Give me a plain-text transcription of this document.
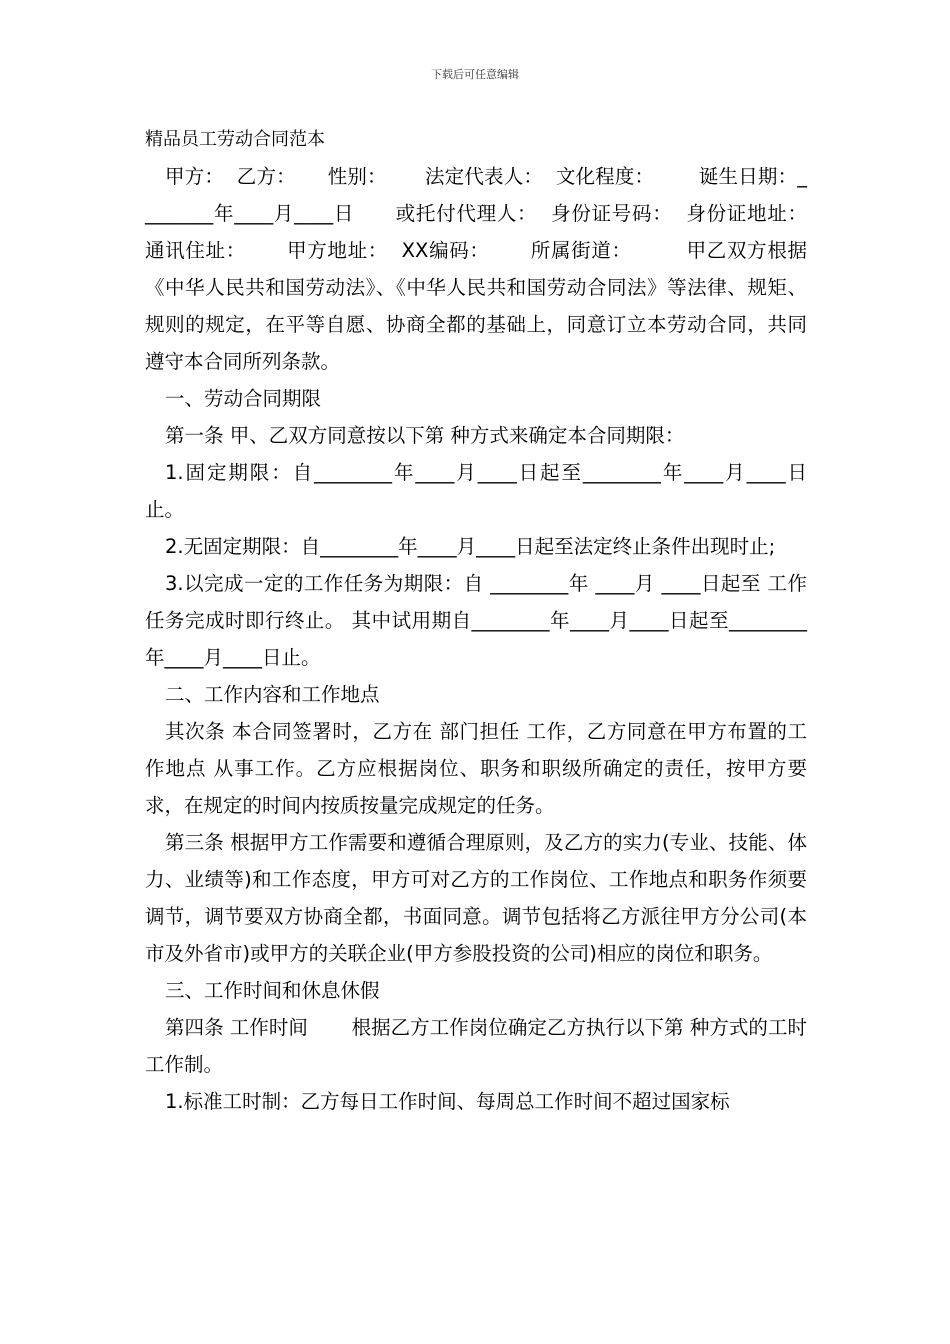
下载后可任意编辑

精品员工劳动合同范本

甲方：  乙方：     性别：      法定代表人：  文化程度：       诞生日期：________年____月____日      或托付代理人：  身份证号码：  身份证地址：      通讯住址：      甲方地址：  XX编码：      所属街道：        甲乙双方根据《中华人民共和国劳动法》、《中华人民共和国劳动合同法》等法律、规矩、规则的规定，在平等自愿、协商全都的基础上，同意订立本劳动合同，共同遵守本合同所列条款。

一、劳动合同期限

第一条 甲、乙双方同意按以下第 种方式来确定本合同期限：

1.固定期限：自________年____月____日起至________年____月____日止。

2.无固定期限：自________年____月____日起至法定终止条件出现时止;

3.以完成一定的工作任务为期限：自 ________年 ____月 ____日起至 工作任务完成时即行终止。 其中试用期自________年____月____日起至________年____月____日止。

二、工作内容和工作地点

其次条 本合同签署时，乙方在 部门担任 工作，乙方同意在甲方布置的工作地点 从事工作。乙方应根据岗位、职务和职级所确定的责任，按甲方要求，在规定的时间内按质按量完成规定的任务。

第三条 根据甲方工作需要和遵循合理原则，及乙方的实力(专业、技能、体力、业绩等)和工作态度，甲方可对乙方的工作岗位、工作地点和职务作须要调节，调节要双方协商全都，书面同意。调节包括将乙方派往甲方分公司(本市及外省市)或甲方的关联企业(甲方参股投资的公司)相应的岗位和职务。

三、工作时间和休息休假

第四条 工作时间       根据乙方工作岗位确定乙方执行以下第 种方式的工时工作制。

1.标准工时制：乙方每日工作时间、每周总工作时间不超过国家标
